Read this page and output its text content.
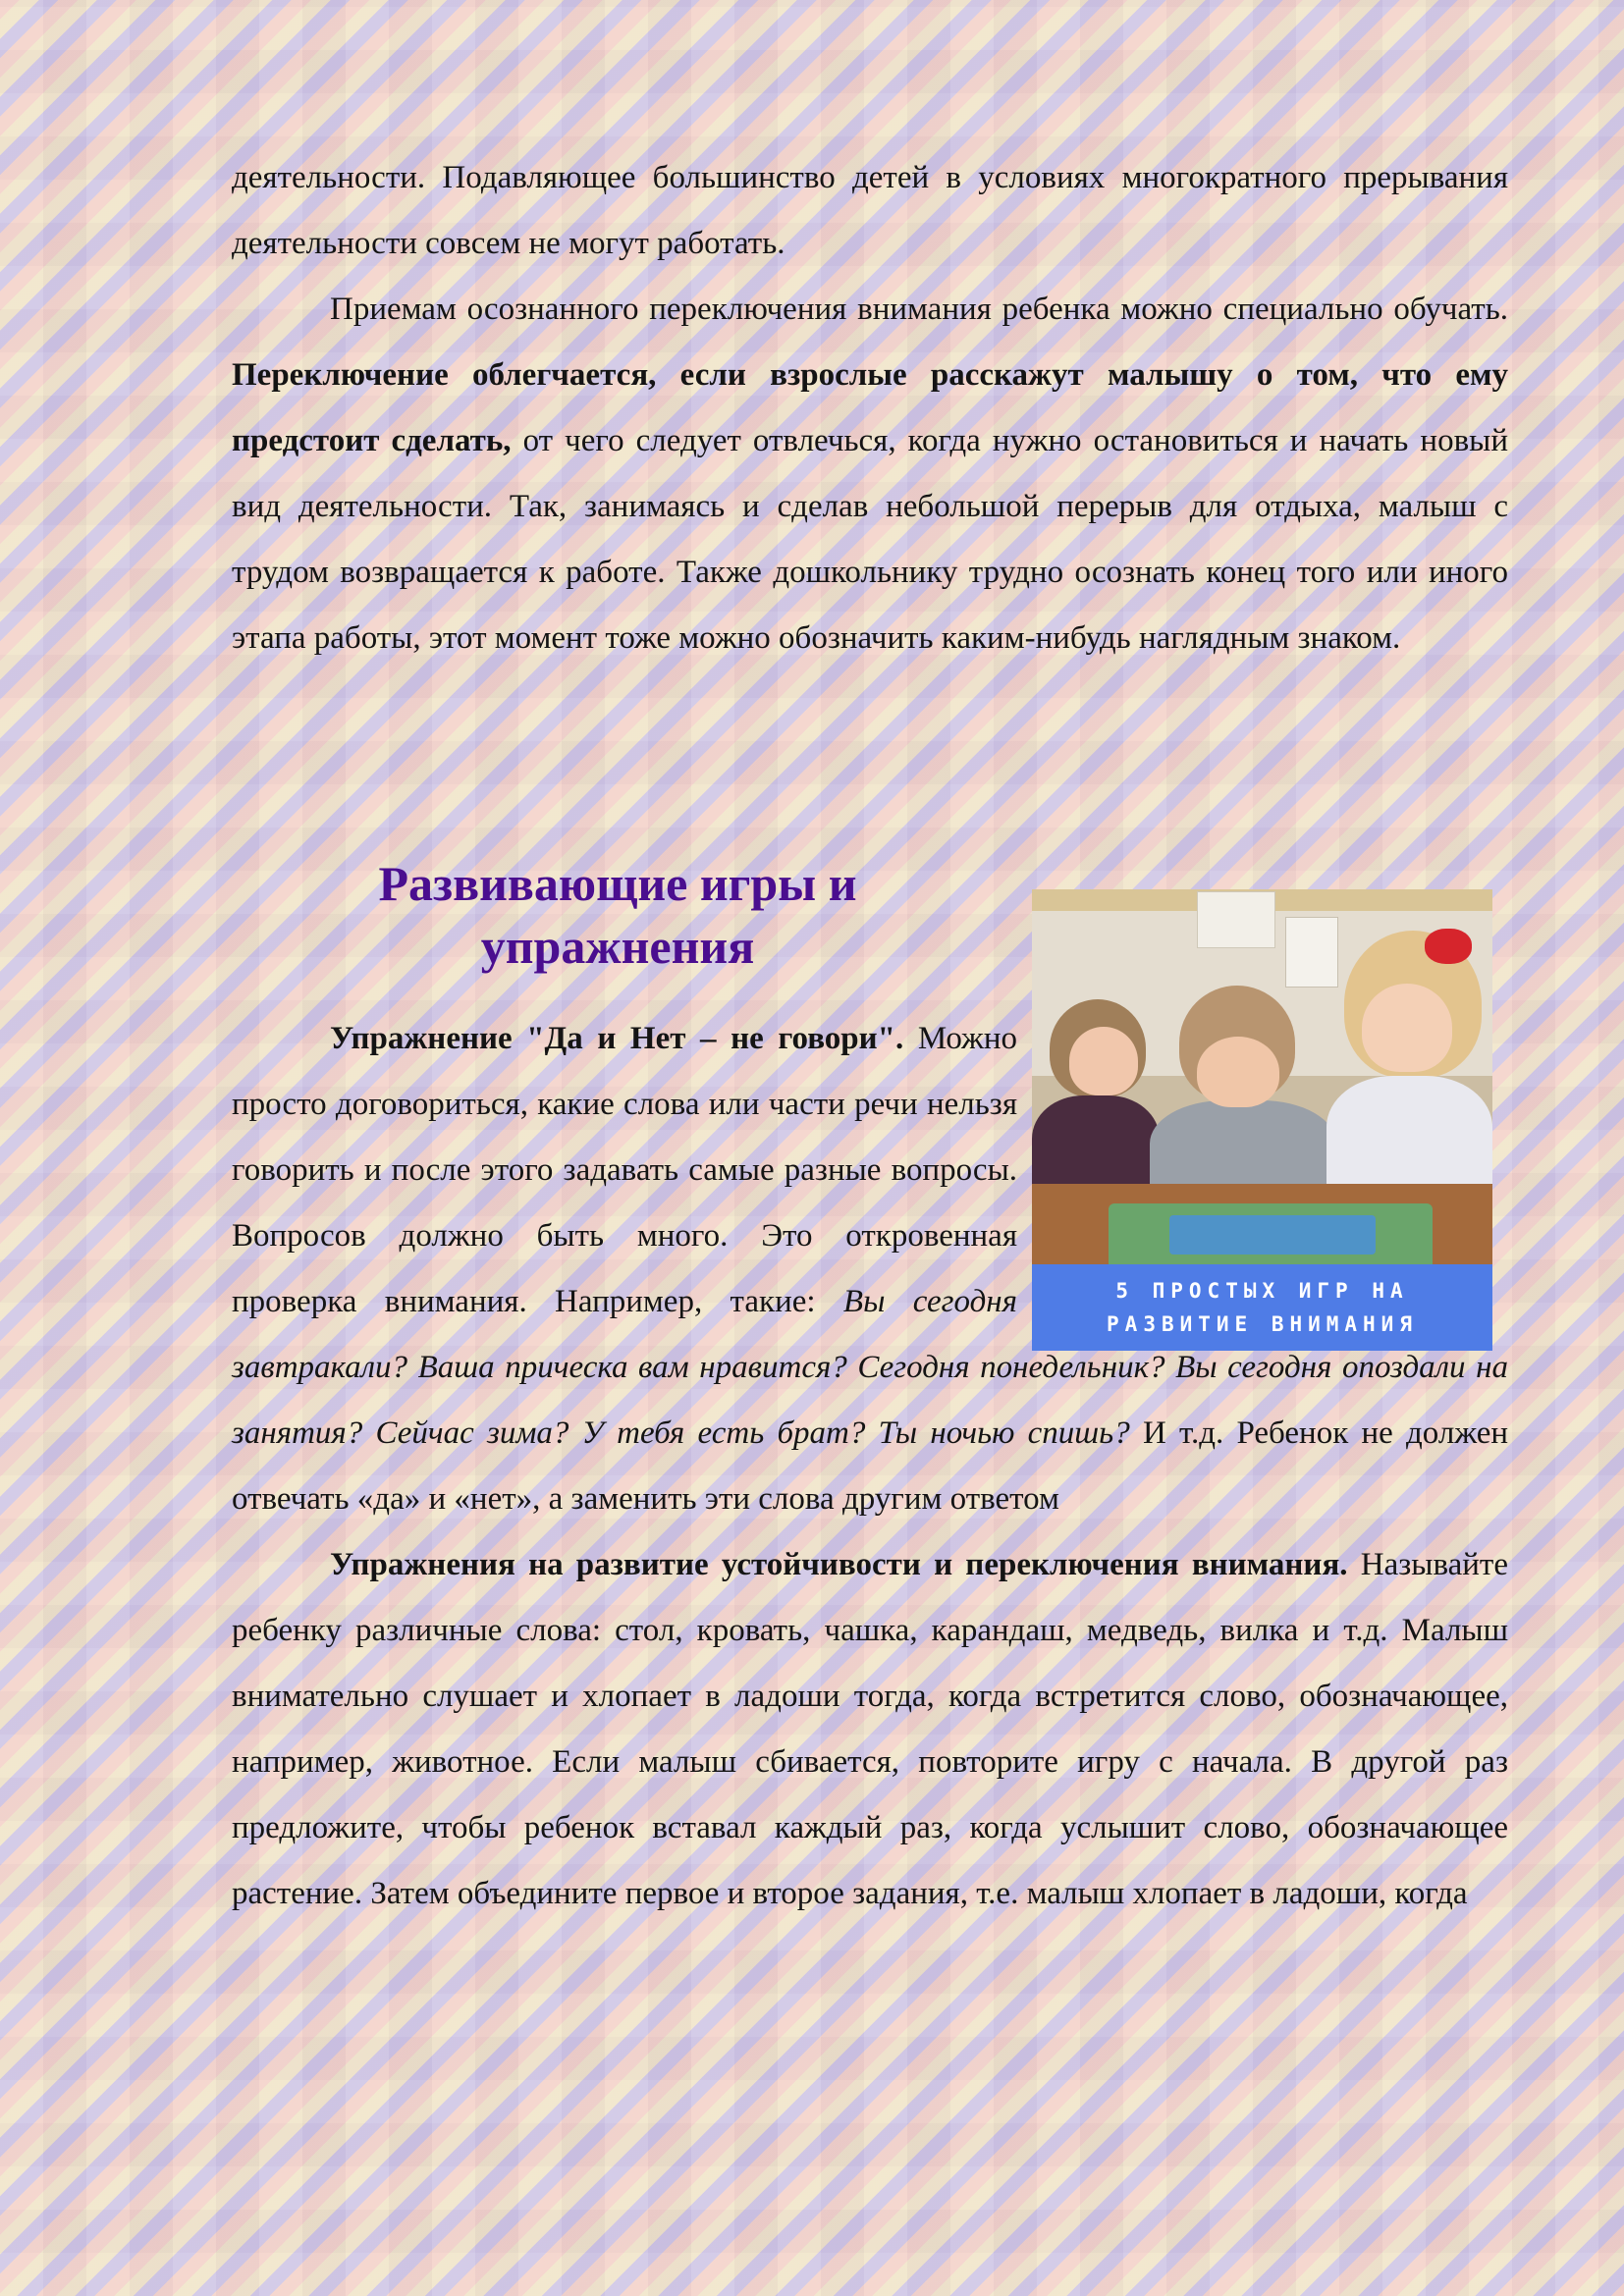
деятельности. Подавляющее большинство детей в условиях многократного прерывания деятельности совсем не могут работать.

Приемам осознанного переключения внимания ребенка можно специально обучать. Переключение облегчается, если взрослые расскажут малышу о том, что ему предстоит сделать, от чего следует отвлечься, когда нужно остановиться и начать новый вид деятельности. Так, занимаясь и сделав небольшой перерыв для отдыха, малыш с трудом возвращается к работе. Также дошкольнику трудно осознать конец того или иного этапа работы, этот момент тоже можно обозначить каким-нибудь наглядным знаком.

Развивающие игры и
упражнения
5 ПРОСТЫХ ИГР НА
РАЗВИТИЕ ВНИМАНИЯ

Упражнение "Да и Нет – не говори". Можно просто договориться, какие слова или части речи нельзя говорить и после этого задавать самые разные вопросы. Вопросов должно быть много. Это откровенная проверка внимания. Например, такие: Вы сегодня завтракали? Ваша прическа вам нравится? Сегодня понедельник? Вы сегодня опоздали на занятия? Сейчас зима? У тебя есть брат? Ты ночью спишь? И т.д. Ребенок не должен отвечать «да» и «нет», а заменить эти слова другим ответом

Упражнения на развитие устойчивости и переключения внимания. Называйте ребенку различные слова: стол, кровать, чашка, карандаш, медведь, вилка и т.д. Малыш внимательно слушает и хлопает в ладоши тогда, когда встретится слово, обозначающее, например, животное. Если малыш сбивается, повторите игру с начала. В другой раз предложите, чтобы ребенок вставал каждый раз, когда услышит слово, обозначающее растение. Затем объедините первое и второе задания, т.е. малыш хлопает в ладоши, когда
